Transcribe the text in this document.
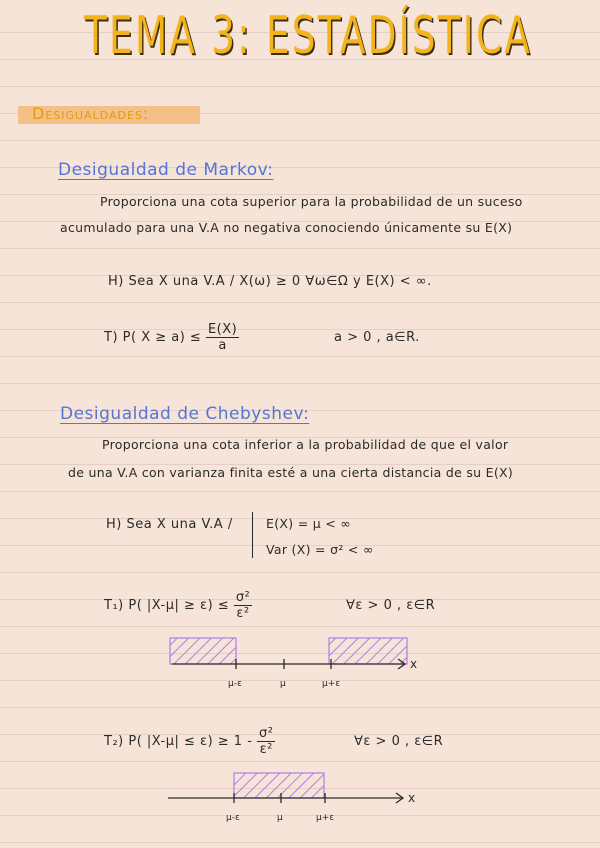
TEMA 3: ESTADÍSTICA
Desigualdades:
Desigualdad de Markov:
Proporciona una cota superior para la probabilidad de un suceso
acumulado para una V.A no negativa conociendo únicamente su E(X)
H) Sea X una V.A / X(ω) ≥ 0 ∀ω∈Ω y E(X) < ∞.
T) P( $X \ge a) \le \frac{E(X)}{a}$	a > 0 , a∈R.
Desigualdad de Chebyshev:
Proporciona una cota inferior a la probabilidad de que el valor
de una V.A con varianza finita esté a una cierta distancia de su E(X)
H) Sea X una V.A /	E(X) = μ < ∞
Var (X) = σ² < ∞
T₁) P( $|X-\mu| \ge \varepsilon) \le \frac{\text{σ²}}{\text{ε²}}$	∀ε > 0 , ε∈R
T₂) P( $|X-\mu| \le \varepsilon) \ge 1 - \frac{\text{σ²}}{\text{ε²}}$	∀ε > 0 , ε∈R
x
μ-ε	μ	μ+ε
x
μ-ε	μ	μ+ε
